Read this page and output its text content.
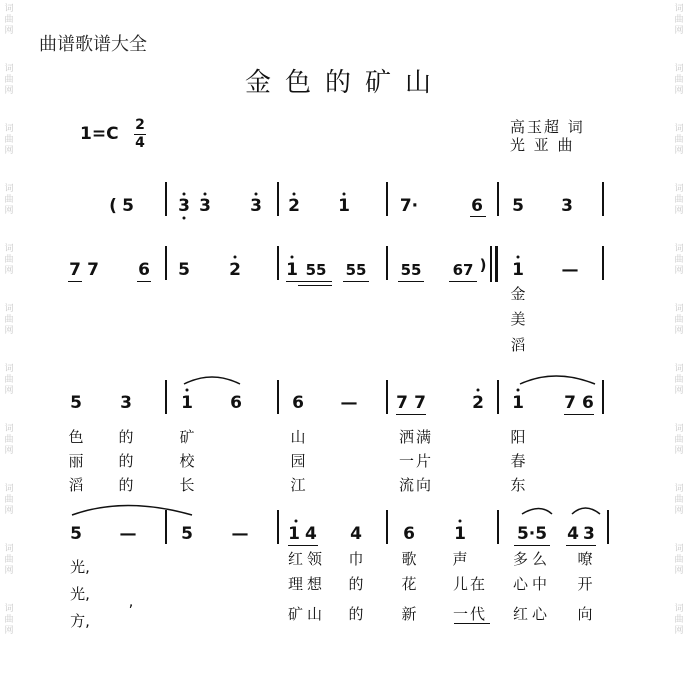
词
曲
网
词
曲
网
词
曲
网
词
曲
网
词
曲
网
词
曲
网
词
曲
网
词
曲
网
词
曲
网
词
曲
网
词
曲
网
词
曲
网
词
曲
网
词
曲
网
词
曲
网
词
曲
网
词
曲
网
词
曲
网
词
曲
网
词
曲
网
词
曲
网
词
曲
网
曲谱歌谱大全
金色的矿山
1=C 2
4
高玉超 词
光 亚 曲
( 5	3 3 3 2 1	7·	6 5 3
7 7 6 5 2	1 55 55 55 67 ) 1 —
金
美
滔
5 3	1 6	6 — 7 7	2 1 76
色 的	矿	山	洒满	阳
丽 的	校	园	一片	春
滔 的	长	江	流向	东
5 —	5 — 14 4 6 1	5·5 43
光,	红领 巾	歌 声	多么 嘹
光,	,
理想 的	花 儿在 心中 开
方,	矿山 的	新 一代 红心 向
